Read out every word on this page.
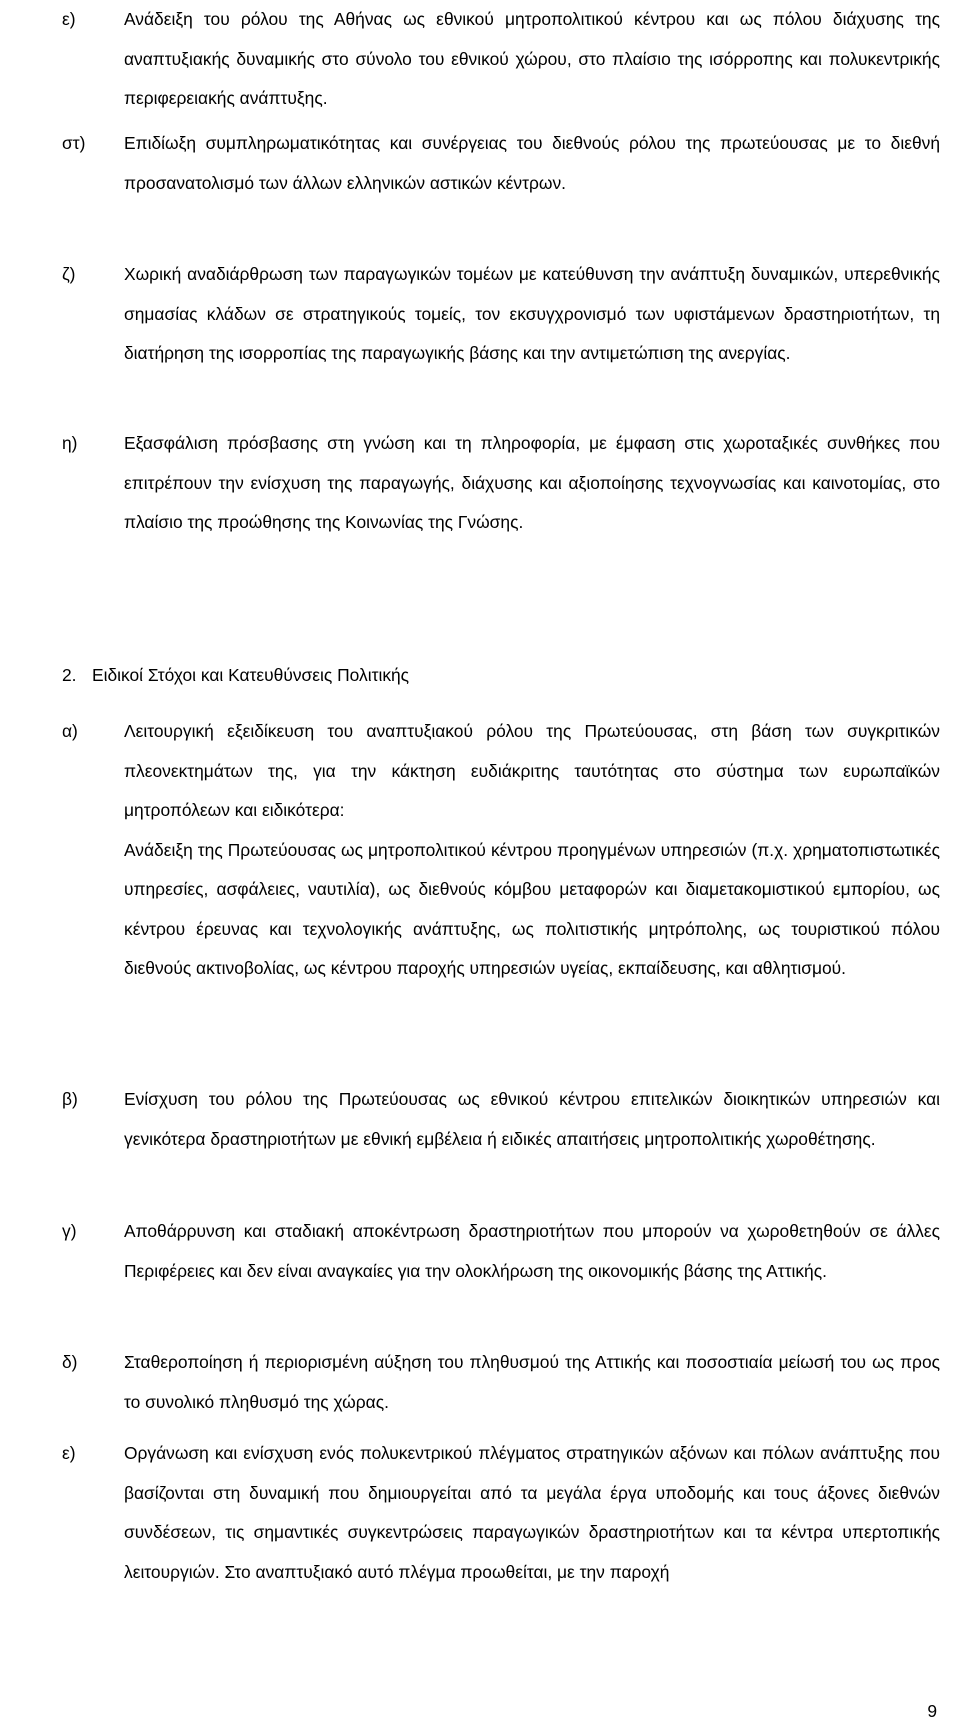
ε)	Ανάδειξη του ρόλου της Αθήνας ως εθνικού μητροπολιτικού κέντρου και ως πόλου διάχυσης της αναπτυξιακής δυναμικής στο σύνολο του εθνικού χώρου, στο πλαίσιο της ισόρροπης και πολυκεντρικής περιφερειακής ανάπτυξης.

στ) Επιδίωξη συμπληρωματικότητας και συνέργειας του διεθνούς ρόλου της πρωτεύουσας με το διεθνή προσανατολισμό των άλλων ελληνικών αστικών κέντρων.

ζ)	Χωρική αναδιάρθρωση των παραγωγικών τομέων με κατεύθυνση την ανάπτυξη δυναμικών, υπερεθνικής σημασίας κλάδων σε στρατηγικούς τομείς, τον εκσυγχρονισμό των υφιστάμενων δραστηριοτήτων, τη διατήρηση της ισορροπίας της παραγωγικής βάσης και την αντιμετώπιση της ανεργίας.

η)	Εξασφάλιση πρόσβασης στη γνώση και τη πληροφορία, με έμφαση στις χωροταξικές συνθήκες που επιτρέπουν την ενίσχυση της παραγωγής, διάχυσης και αξιοποίησης τεχνογνωσίας και καινοτομίας, στο πλαίσιο της προώθησης της Κοινωνίας της Γνώσης.

2. Ειδικοί Στόχοι και Κατευθύνσεις Πολιτικής
α)	Λειτουργική εξειδίκευση του αναπτυξιακού ρόλου της Πρωτεύουσας, στη βάση των συγκριτικών πλεονεκτημάτων της, για την κάκτηση ευδιάκριτης ταυτότητας στο σύστημα των ευρωπαϊκών μητροπόλεων και ειδικότερα:

Ανάδειξη της Πρωτεύουσας ως μητροπολιτικού κέντρου προηγμένων υπηρεσιών (π.χ. χρηματοπιστωτικές υπηρεσίες, ασφάλειες, ναυτιλία), ως διεθνούς κόμβου μεταφορών και διαμετακομιστικού εμπορίου, ως κέντρου έρευνας και τεχνολογικής ανάπτυξης, ως πολιτιστικής μητρόπολης, ως τουριστικού πόλου διεθνούς ακτινοβολίας, ως κέντρου παροχής υπηρεσιών υγείας, εκπαίδευσης, και αθλητισμού.

β)	Ενίσχυση του ρόλου της Πρωτεύουσας ως εθνικού κέντρου επιτελικών διοικητικών υπηρεσιών και γενικότερα δραστηριοτήτων με εθνική εμβέλεια ή ειδικές απαιτήσεις μητροπολιτικής χωροθέτησης.

γ)	Αποθάρρυνση και σταδιακή αποκέντρωση δραστηριοτήτων που μπορούν να χωροθετηθούν σε άλλες Περιφέρειες και δεν είναι αναγκαίες για την ολοκλήρωση της οικονομικής βάσης της Αττικής.

δ)	Σταθεροποίηση ή περιορισμένη αύξηση του πληθυσμού της Αττικής και ποσοστιαία μείωσή του ως προς το συνολικό πληθυσμό της χώρας.

ε)	Οργάνωση και ενίσχυση ενός πολυκεντρικού πλέγματος στρατηγικών αξόνων και πόλων ανάπτυξης που βασίζονται στη δυναμική που δημιουργείται από τα μεγάλα έργα υποδομής και τους άξονες διεθνών συνδέσεων, τις σημαντικές συγκεντρώσεις παραγωγικών δραστηριοτήτων και τα κέντρα υπερτοπικής λειτουργιών. Στο αναπτυξιακό αυτό πλέγμα προωθείται, με την παροχή

9
